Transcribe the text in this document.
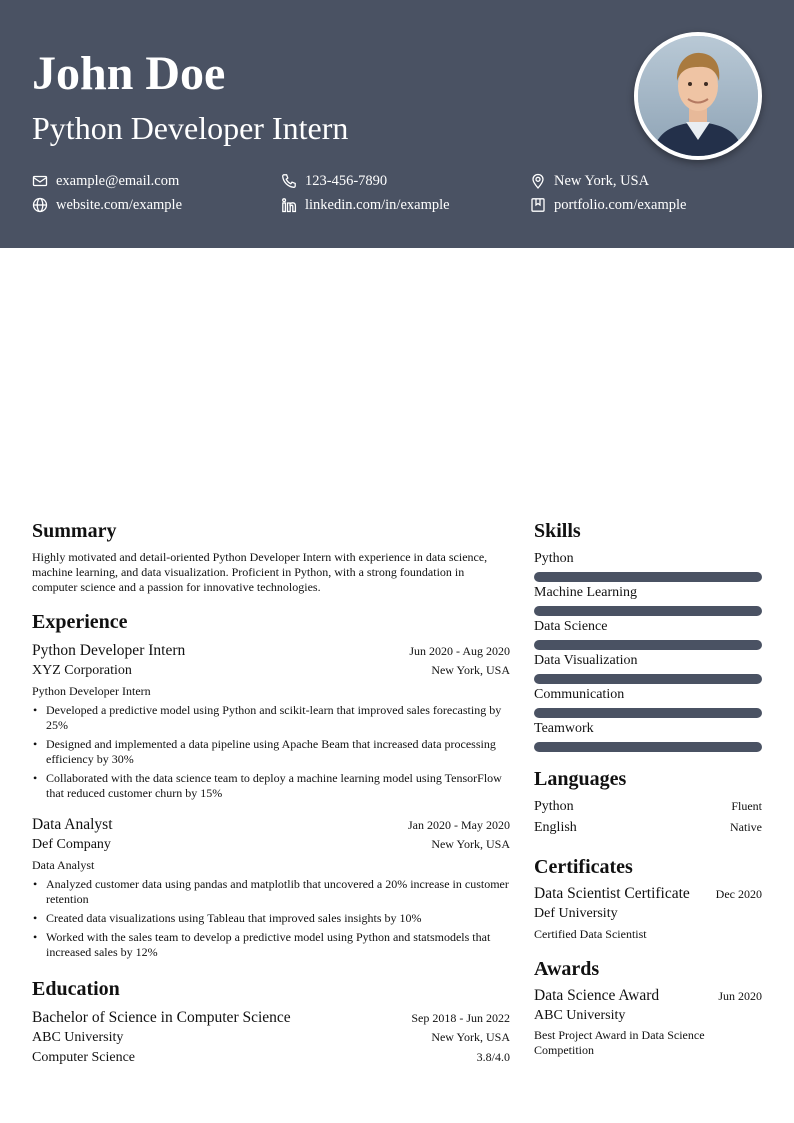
John Doe
Python Developer Intern
example@email.com	123-456-7890	New York, USA
website.com/example	linkedin.com/in/example	portfolio.com/example
Summary

Highly motivated and detail-oriented Python Developer Intern with experience in data science, machine learning, and data visualization. Proficient in Python, with a strong foundation in computer science and a passion for innovative technologies.

Experience
Python Developer Intern	Jun 2020 - Aug 2020
XYZ Corporation	New York, USA
Python Developer Intern
• Developed a predictive model using Python and scikit-learn that improved sales forecasting by 25%
• Designed and implemented a data pipeline using Apache Beam that increased data processing efficiency by 30%
• Collaborated with the data science team to deploy a machine learning model using TensorFlow that reduced customer churn by 15%
Data Analyst	Jan 2020 - May 2020
Def Company	New York, USA
Data Analyst
• Analyzed customer data using pandas and matplotlib that uncovered a 20% increase in customer retention
• Created data visualizations using Tableau that improved sales insights by 10%
• Worked with the sales team to develop a predictive model using Python and statsmodels that increased sales by 12%
Education
Bachelor of Science in Computer Science	Sep 2018 - Jun 2022
ABC University	New York, USA
Computer Science	3.8/4.0
Skills
Python
Machine Learning
Data Science
Data Visualization
Communication
Teamwork
Languages
Python	Fluent
English	Native
Certificates
Data Scientist Certificate Dec 2020
Def University
Certified Data Scientist
Awards
Data Science Award	Jun 2020
ABC University
Best Project Award in Data Science Competition
